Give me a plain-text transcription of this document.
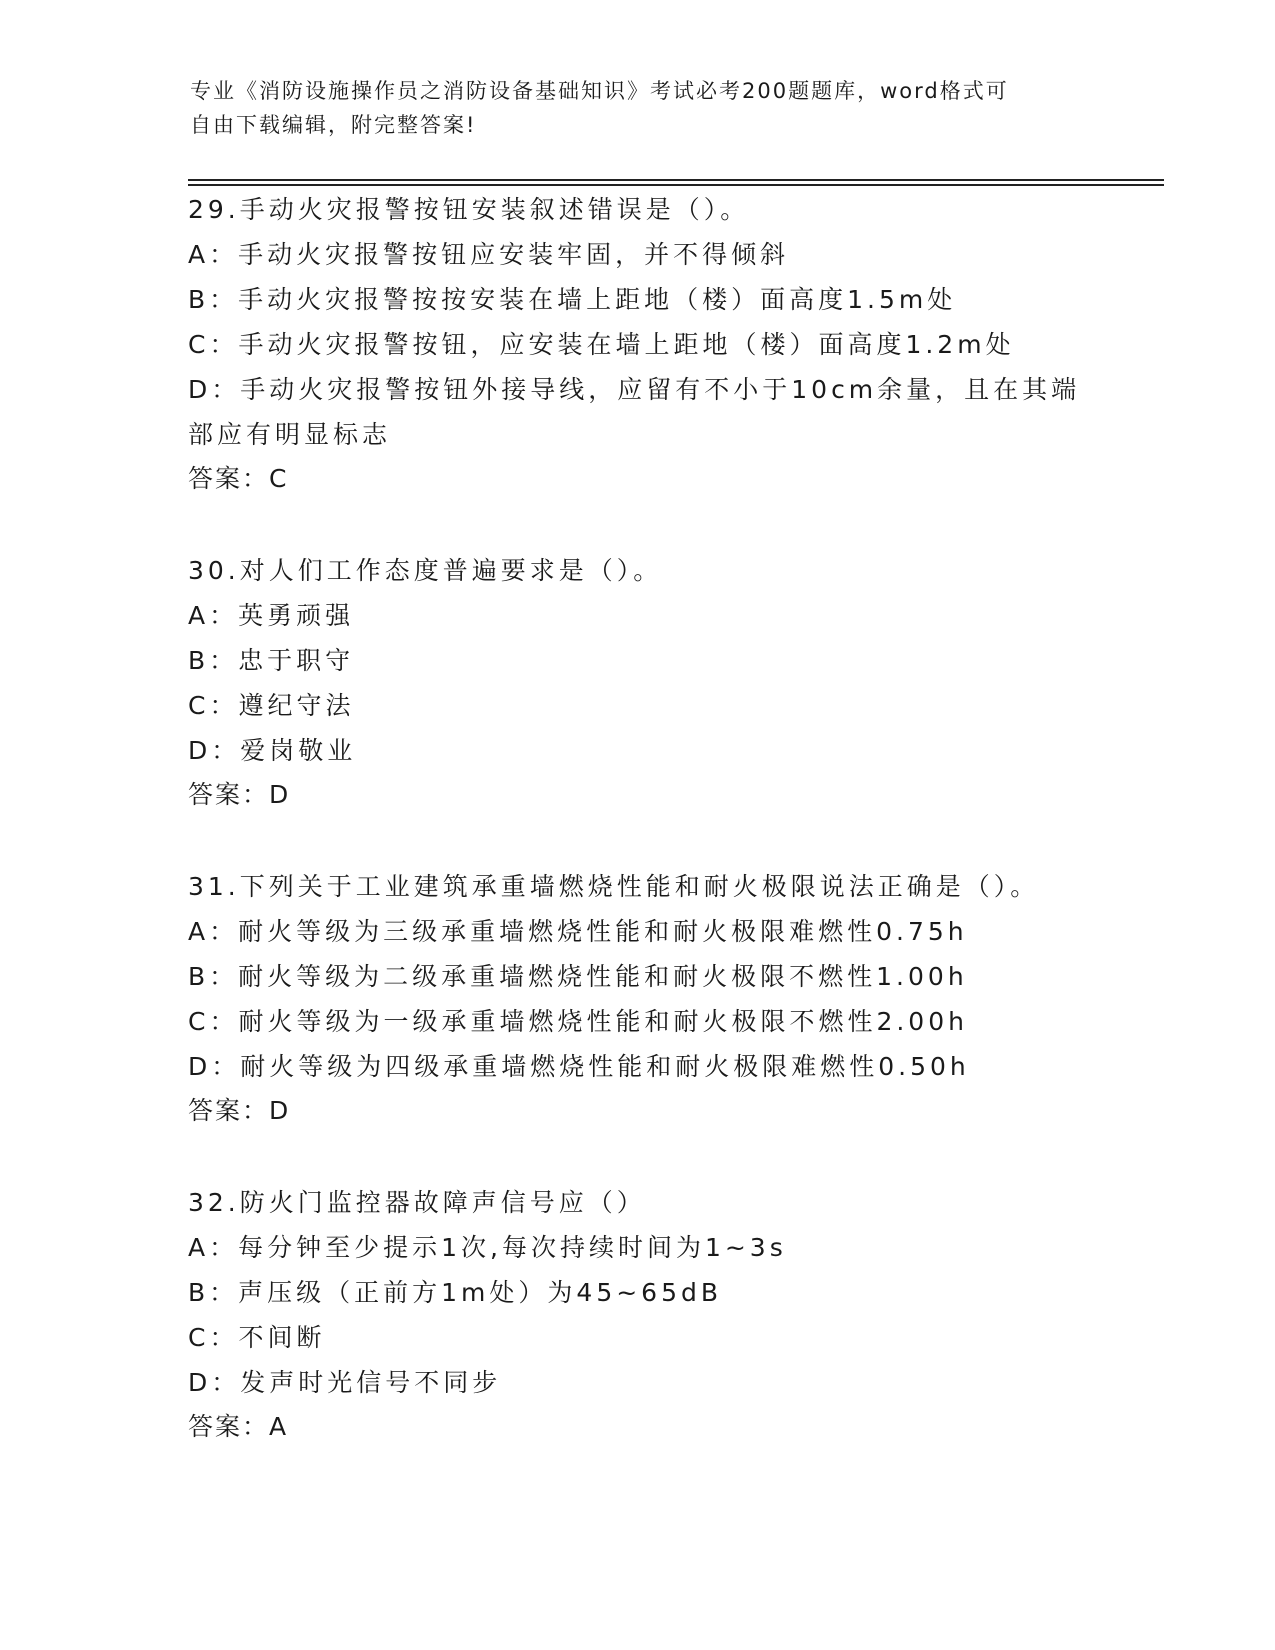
专业《消防设施操作员之消防设备基础知识》考试必考200题题库，word格式可
自由下载编辑，附完整答案!
29.手动火灾报警按钮安装叙述错误是（）。
A：手动火灾报警按钮应安装牢固，并不得倾斜
B：手动火灾报警按按安装在墙上距地（楼）面高度1.5m处
C：手动火灾报警按钮，应安装在墙上距地（楼）面高度1.2m处
D：手动火灾报警按钮外接导线，应留有不小于10cm余量，且在其端
部应有明显标志
答案：C
30.对人们工作态度普遍要求是（）。
A：英勇顽强
B：忠于职守
C：遵纪守法
D：爱岗敬业
答案：D
31.下列关于工业建筑承重墙燃烧性能和耐火极限说法正确是（）。
A：耐火等级为三级承重墙燃烧性能和耐火极限难燃性0.75h
B：耐火等级为二级承重墙燃烧性能和耐火极限不燃性1.00h
C：耐火等级为一级承重墙燃烧性能和耐火极限不燃性2.00h
D：耐火等级为四级承重墙燃烧性能和耐火极限难燃性0.50h
答案：D
32.防火门监控器故障声信号应（）
A：每分钟至少提示1次,每次持续时间为1~3s
B：声压级（正前方1m处）为45~65dB
C：不间断
D：发声时光信号不同步
答案：A
